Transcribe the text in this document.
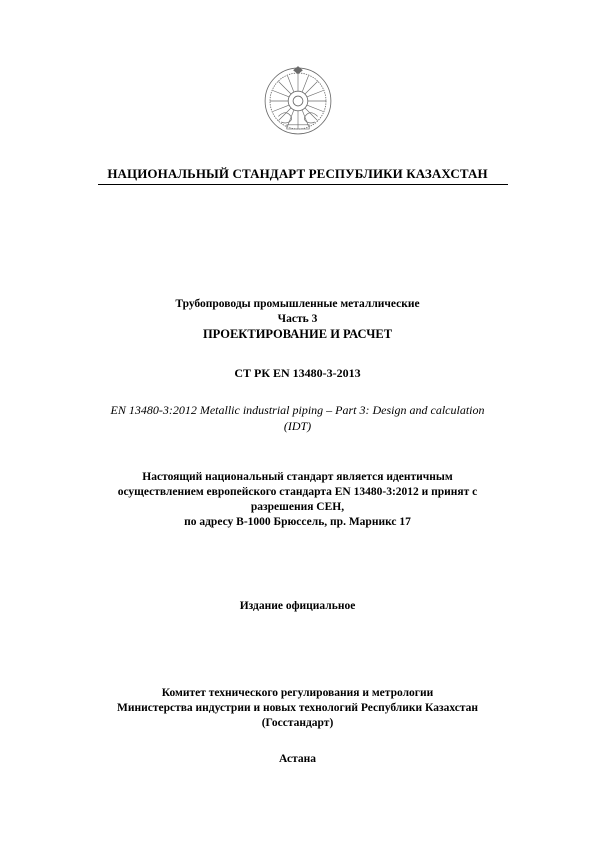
НАЦИОНАЛЬНЫЙ СТАНДАРТ РЕСПУБЛИКИ КАЗАХСТАН
Трубопроводы промышленные металлические
Часть 3
ПРОЕКТИРОВАНИЕ И РАСЧЕТ
СТ РК EN 13480-3-2013
EN 13480-3:2012 Metallic industrial piping – Part 3: Design and calculation
(IDT)
Настоящий национальный стандарт является идентичным
осуществлением европейского стандарта EN 13480-3:2012 и принят с
разрешения СЕН,
по адресу B-1000 Брюссель, пр. Марникс 17
Издание официальное
Комитет технического регулирования и метрологии
Министерства индустрии и новых технологий Республики Казахстан
(Госстандарт)
Астана
